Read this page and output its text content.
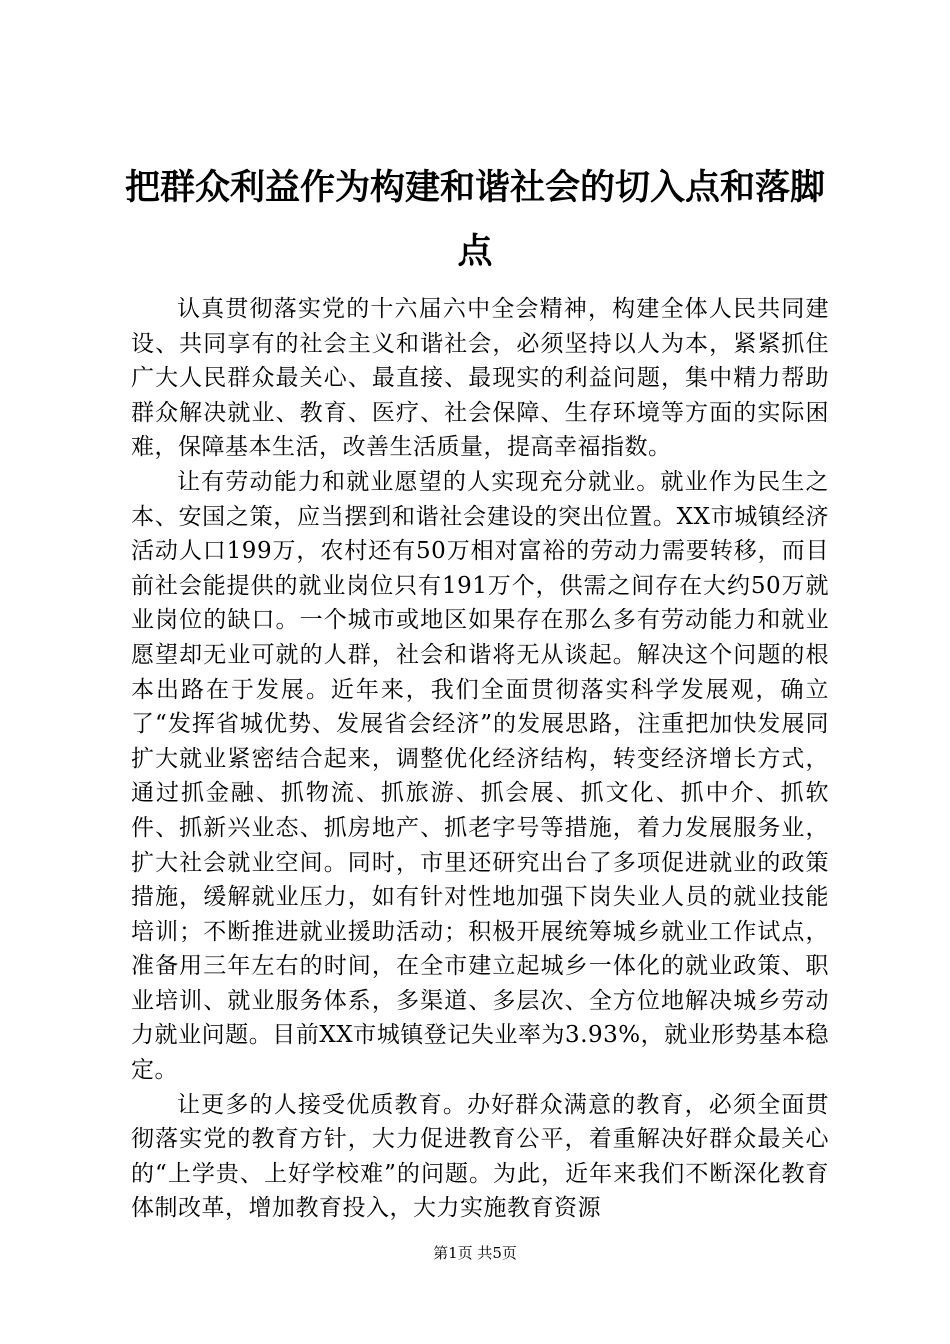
把群众利益作为构建和谐社会的切入点和落脚点

认真贯彻落实党的十六届六中全会精神，构建全体人民共同建设、共同享有的社会主义和谐社会，必须坚持以人为本，紧紧抓住广大人民群众最关心、最直接、最现实的利益问题，集中精力帮助群众解决就业、教育、医疗、社会保障、生存环境等方面的实际困难，保障基本生活，改善生活质量，提高幸福指数。

让有劳动能力和就业愿望的人实现充分就业。就业作为民生之本、安国之策，应当摆到和谐社会建设的突出位置。XX市城镇经济活动人口199万，农村还有50万相对富裕的劳动力需要转移，而目前社会能提供的就业岗位只有191万个，供需之间存在大约50万就业岗位的缺口。一个城市或地区如果存在那么多有劳动能力和就业愿望却无业可就的人群，社会和谐将无从谈起。解决这个问题的根本出路在于发展。近年来，我们全面贯彻落实科学发展观，确立了“发挥省城优势、发展省会经济”的发展思路，注重把加快发展同扩大就业紧密结合起来，调整优化经济结构，转变经济增长方式，通过抓金融、抓物流、抓旅游、抓会展、抓文化、抓中介、抓软件、抓新兴业态、抓房地产、抓老字号等措施，着力发展服务业，扩大社会就业空间。同时，市里还研究出台了多项促进就业的政策措施，缓解就业压力，如有针对性地加强下岗失业人员的就业技能培训；不断推进就业援助活动；积极开展统筹城乡就业工作试点，准备用三年左右的时间，在全市建立起城乡一体化的就业政策、职业培训、就业服务体系，多渠道、多层次、全方位地解决城乡劳动力就业问题。目前XX市城镇登记失业率为3.93%，就业形势基本稳定。

让更多的人接受优质教育。办好群众满意的教育，必须全面贯彻落实党的教育方针，大力促进教育公平，着重解决好群众最关心的“上学贵、上好学校难”的问题。为此，近年来我们不断深化教育体制改革，增加教育投入，大力实施教育资源

第1页 共5页
